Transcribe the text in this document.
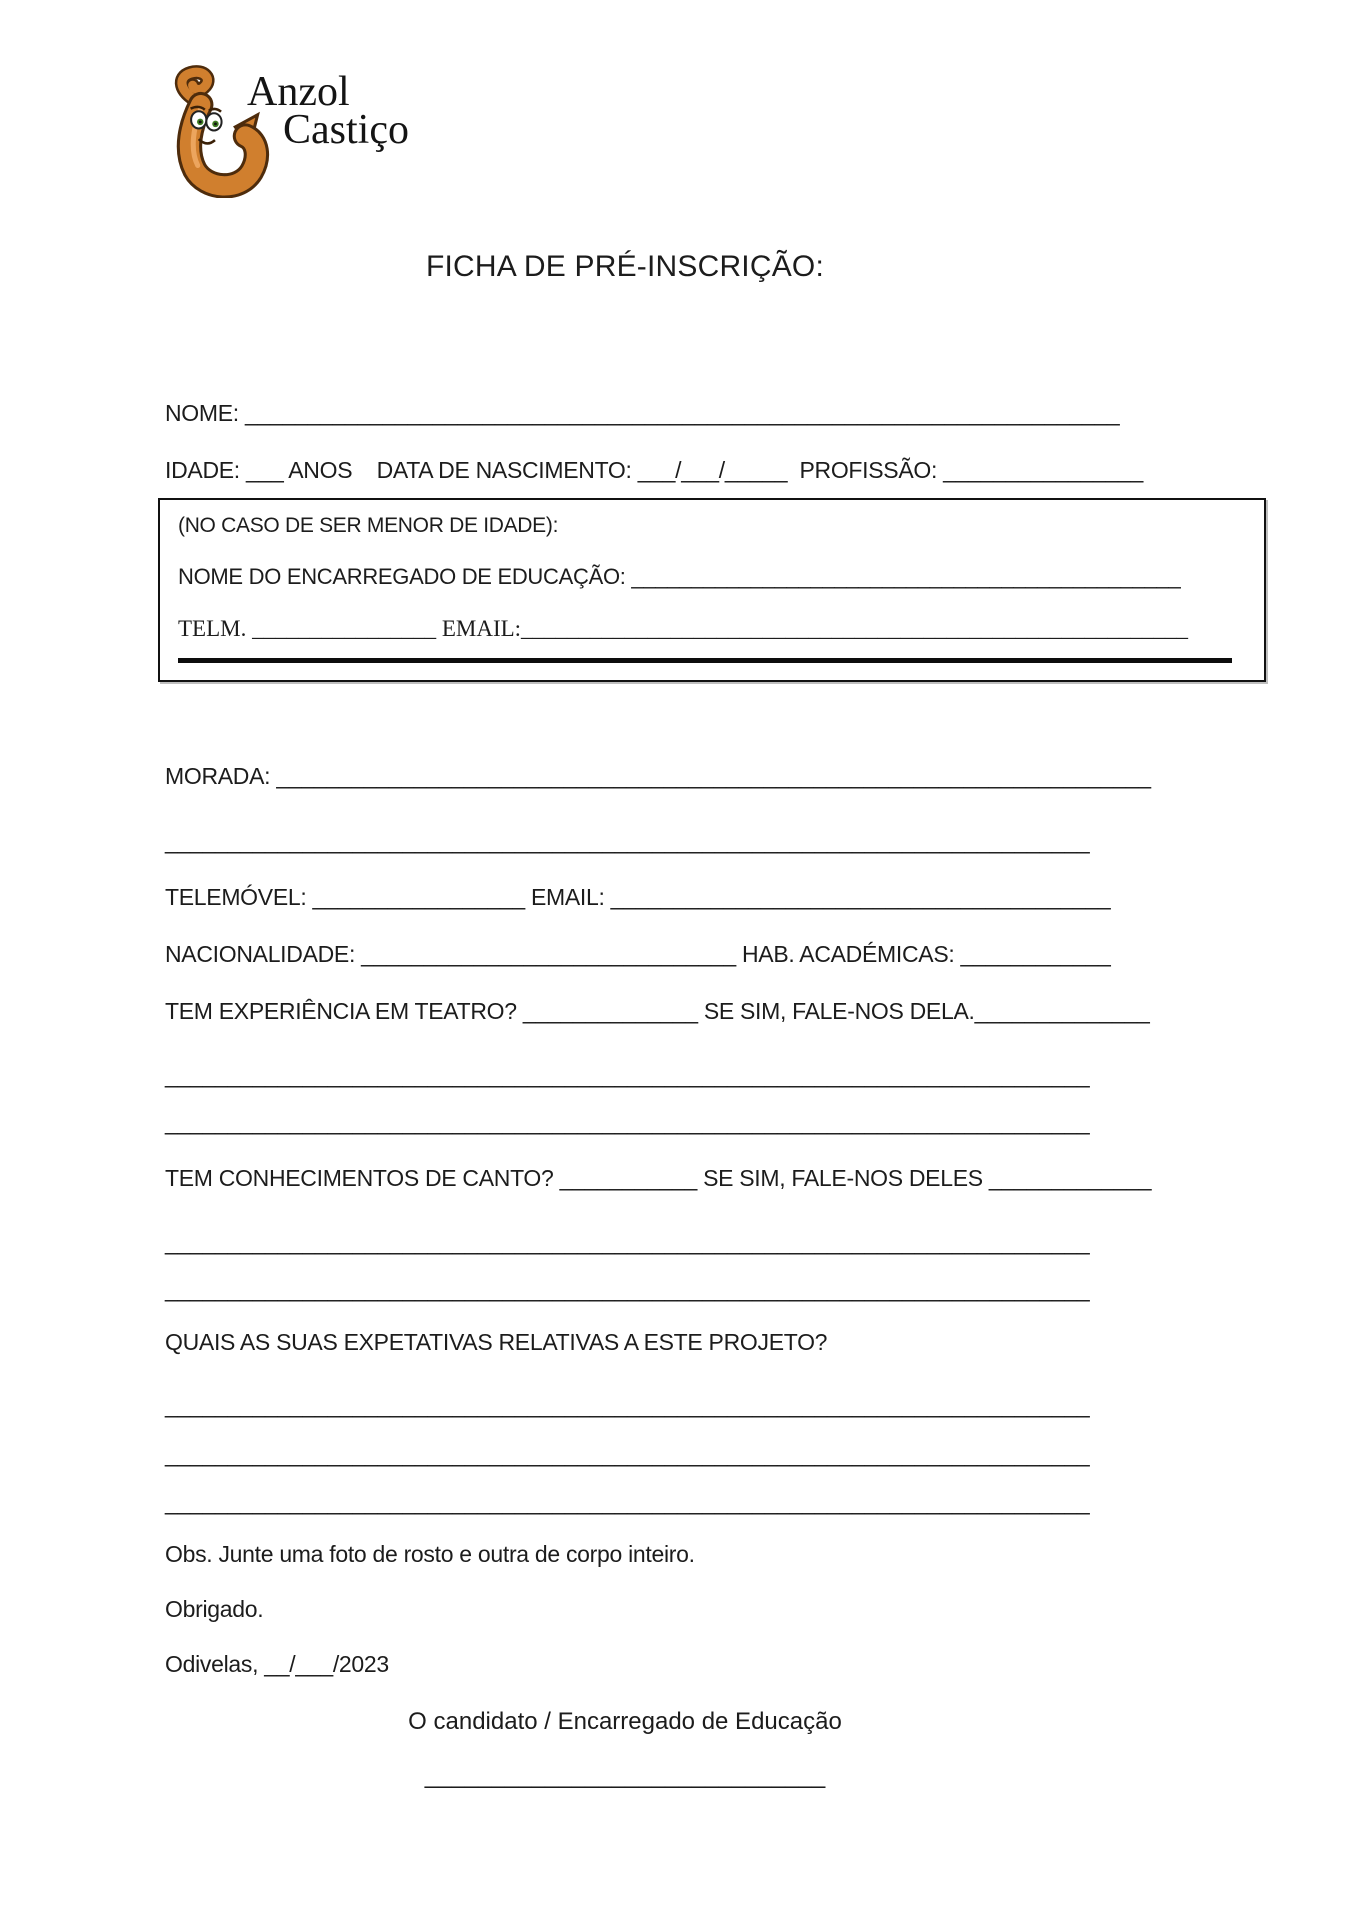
Anzol
Castiço
FICHA DE PRÉ-INSCRIÇÃO:
NOME: ______________________________________________________________________
IDADE: ___ ANOS    DATA DE NASCIMENTO: ___/___/_____  PROFISSÃO: ________________
(NO CASO DE SER MENOR DE IDADE):
NOME DO ENCARREGADO DE EDUCAÇÃO: ______________________________________________
TELM. ________________ EMAIL:__________________________________________________________
MORADA: ______________________________________________________________________
__________________________________________________________________________
TELEMÓVEL: _________________ EMAIL: ________________________________________
NACIONALIDADE: ______________________________ HAB. ACADÉMICAS: ____________
TEM EXPERIÊNCIA EM TEATRO? ______________ SE SIM, FALE-NOS DELA.______________
__________________________________________________________________________
__________________________________________________________________________
TEM CONHECIMENTOS DE CANTO? ___________ SE SIM, FALE-NOS DELES _____________
__________________________________________________________________________
__________________________________________________________________________
QUAIS AS SUAS EXPETATIVAS RELATIVAS A ESTE PROJETO?
__________________________________________________________________________
__________________________________________________________________________
__________________________________________________________________________
Obs. Junte uma foto de rosto e outra de corpo inteiro.
Obrigado.
Odivelas, __/___/2023
O candidato / Encarregado de Educação
______________________________
